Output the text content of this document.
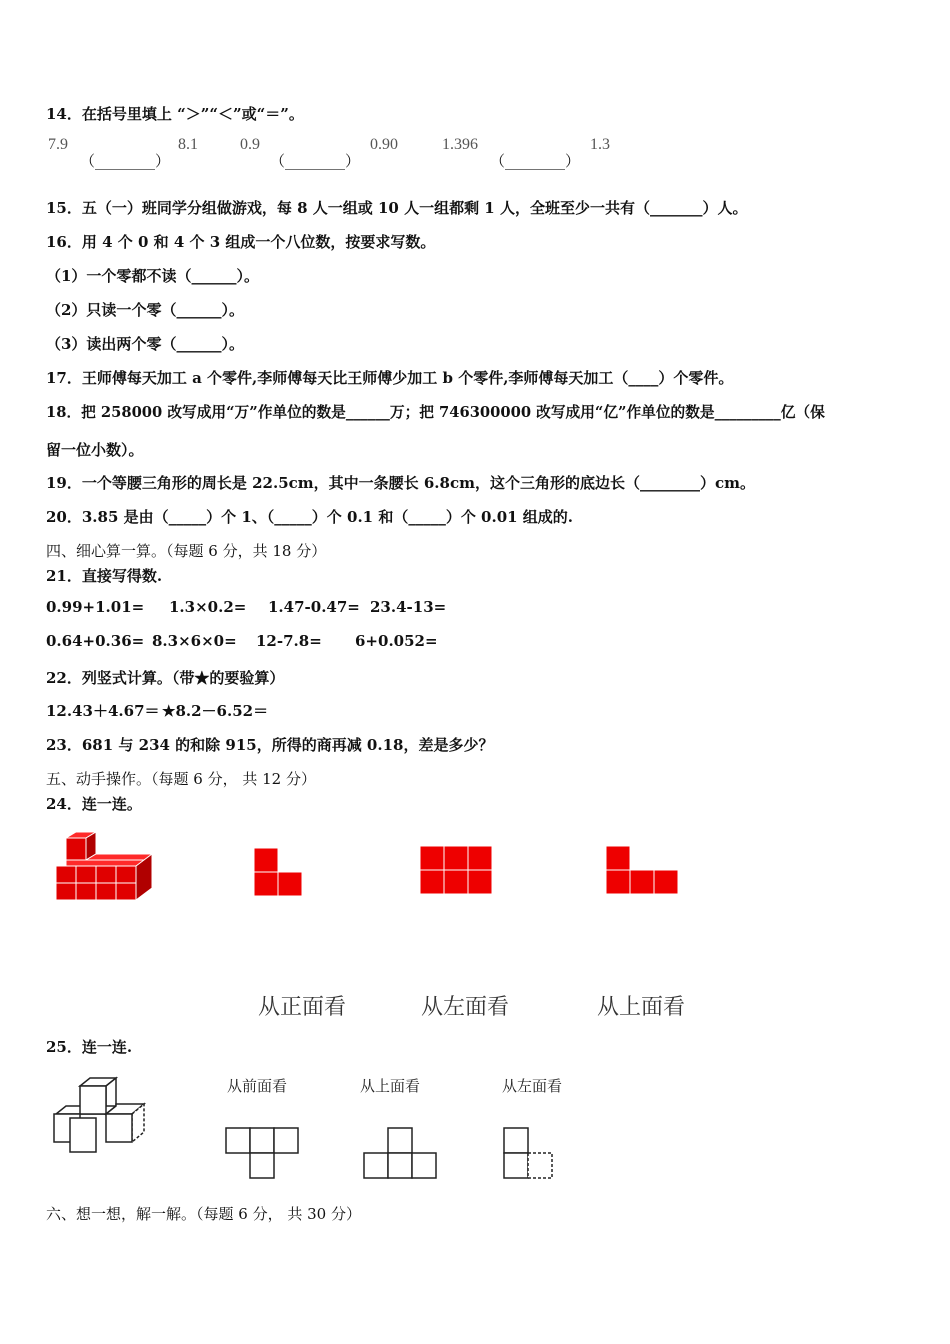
14．在括号里填上 “＞”“＜”或“＝”。
7.9
（________）
8.1	0.9
（________）
0.90	1.396
（________）
1.3
15．五（一）班同学分组做游戏，每 8 人一组或 10 人一组都剩 1 人，全班至少一共有（_______）人。
16．用 4 个 0 和 4 个 3 组成一个八位数，按要求写数。
（1）一个零都不读（______）。
（2）只读一个零（______）。
（3）读出两个零（______）。
17．王师傅每天加工 a 个零件,李师傅每天比王师傅少加工 b 个零件,李师傅每天加工（____）个零件。
18．把 258000 改写成用“万”作单位的数是______万；把 746300000 改写成用“亿”作单位的数是_________亿（保
留一位小数）。
19．一个等腰三角形的周长是 22.5cm，其中一条腰长 6.8cm，这个三角形的底边长（________）cm。
20．3.85 是由（_____）个 1、（_____）个 0.1 和（_____）个 0.01 组成的.
四、细心算一算。（每题 6 分，共 18 分）
21．直接写得数.
0.99+1.01= 1.3×0.2= 1.47-0.47= 23.4-13=
0.64+0.36= 8.3×6×0= 12-7.8= 6+0.052=
22．列竖式计算。（带★的要验算）
12.43＋4.67＝ ★8.2－6.52＝
23．681 与 234 的和除 915，所得的商再减 0.18，差是多少？
五、动手操作。（每题 6 分， 共 12 分）
24．连一连。
从正面看	从左面看	从上面看
25．连一连.
从前面看	从上面看	从左面看
六、想一想，解一解。（每题 6 分， 共 30 分）
